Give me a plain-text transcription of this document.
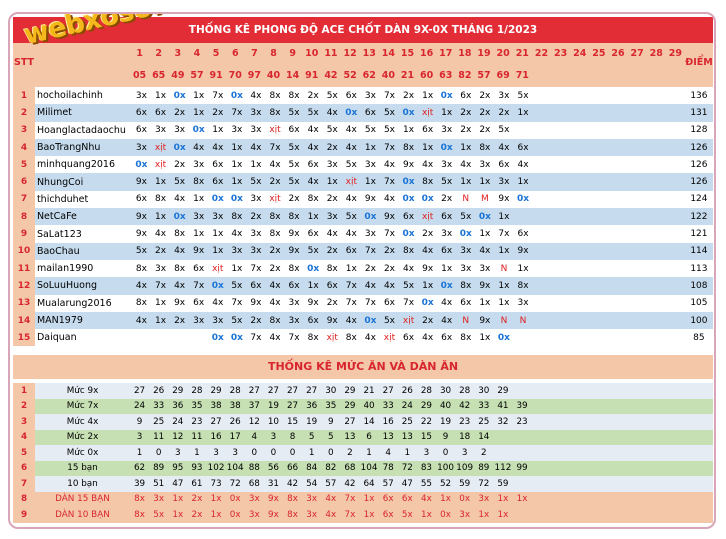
THỐNG KÊ PHONG ĐỘ ACE CHỐT DÀN 9X-0X THÁNG 1/2023
STT
1	2	3	4	5	6	7	8	9 10 11 12 13 14 15 16 17 18 19 20 21 22 23 24 25 26 27 28 29
05 65 49 57 91 70 97 40 14 91 42 52 62 40 21 60 63 82 57 69 71
ĐIỂM
1	hochoilachinh	3x	1x	0x	1x	7x	0x	4x	8x	8x	2x	5x	6x	3x	7x	2x	1x	0x	6x	2x	3x	5x									136
2	Milimet	6x	6x	2x	1x	2x	7x	3x	8x	5x	5x	4x	0x	6x	5x	0x	xịt	1x	2x	2x	2x	1x									131
3	Hoanglactadaochu	6x	3x	3x	0x	1x	3x	3x	xịt	6x	4x	5x	4x	5x	5x	1x	6x	3x	2x	2x	5x										128
4	BaoTrangNhu	3x	xịt	0x	4x	4x	1x	4x	7x	5x	4x	2x	4x	1x	7x	8x	1x	0x	1x	8x	4x	6x									126
5	minhquang2016	0x	xịt	2x	3x	6x	1x	1x	4x	5x	6x	3x	5x	3x	4x	9x	4x	3x	4x	3x	6x	4x									126
6	NhungCoi	9x	1x	5x	8x	6x	1x	5x	2x	5x	4x	1x	xịt	1x	7x	0x	8x	5x	1x	1x	3x	1x									126
7	thichduhet	6x	8x	4x	1x	0x	0x	3x	xịt	2x	8x	2x	4x	9x	4x	0x	0x	2x	N	M	9x	0x									124
8	NetCaFe	9x	1x	0x	3x	3x	8x	2x	8x	8x	1x	3x	5x	0x	9x	6x	xịt	6x	5x	0x	1x										122
9	SaLat123	9x	4x	8x	1x	1x	4x	3x	8x	9x	6x	4x	4x	3x	7x	0x	2x	3x	0x	1x	7x	6x									121
10	BaoChau	5x	2x	4x	9x	1x	3x	3x	2x	9x	5x	2x	6x	7x	2x	8x	4x	6x	3x	4x	1x	9x									114
11	mailan1990	8x	3x	8x	6x	xịt	1x	7x	2x	8x	0x	8x	1x	2x	2x	4x	9x	1x	3x	3x	N	1x									113
12	SoLuuHuong	4x	7x	4x	7x	0x	5x	6x	4x	6x	1x	6x	7x	4x	4x	5x	1x	0x	8x	9x	1x	8x									108
13	Mualarung2016	8x	1x	9x	6x	4x	7x	9x	4x	3x	9x	2x	7x	7x	6x	7x	0x	4x	6x	1x	1x	3x									105
14	MAN1979	4x	1x	2x	3x	3x	5x	2x	8x	3x	6x	9x	4x	0x	5x	xịt	2x	4x	N	9x	N	N									100
15	Daiquan					0x	0x	7x	4x	7x	8x	xịt	8x	4x	xịt	6x	4x	6x	8x	1x	0x										85
THỐNG KÊ MỨC ĂN VÀ DÀN ĂN
1	Mức 9x	27	26	29	28	29	28	27	27	27	27	30	29	21	27	26	28	30	28	30	29										
2	Mức 7x	24	33	36	35	38	38	37	19	27	36	35	29	40	33	24	29	40	42	33	41	39									
3	Mức 4x	9	25	24	23	27	26	12	10	15	19	9	27	14	16	25	22	19	23	25	32	23									
4	Mức 2x	3	11	12	11	16	17	4	3	8	5	5	13	6	13	13	15	9	18	14											
5	Mức 0x	1	0	3	1	3	3	0	0	0	1	0	2	1	4	1	3	0	3	2											
6	15 bạn	62	89	95	93	102	104	88	56	66	84	82	68	104	78	72	83	100	109	89	112	99									
7	10 bạn	39	51	47	61	73	72	68	31	42	54	57	42	64	57	47	55	52	59	72	59										
8	DÀN 15 BẠN	8x	3x	1x	2x	1x	0x	3x	9x	8x	3x	4x	7x	1x	6x	6x	4x	1x	0x	3x	1x	1x									
9	DÀN 10 BẠN	8x	5x	1x	2x	1x	0x	3x	9x	8x	3x	4x	7x	1x	6x	5x	1x	0x	3x	1x	1x										
